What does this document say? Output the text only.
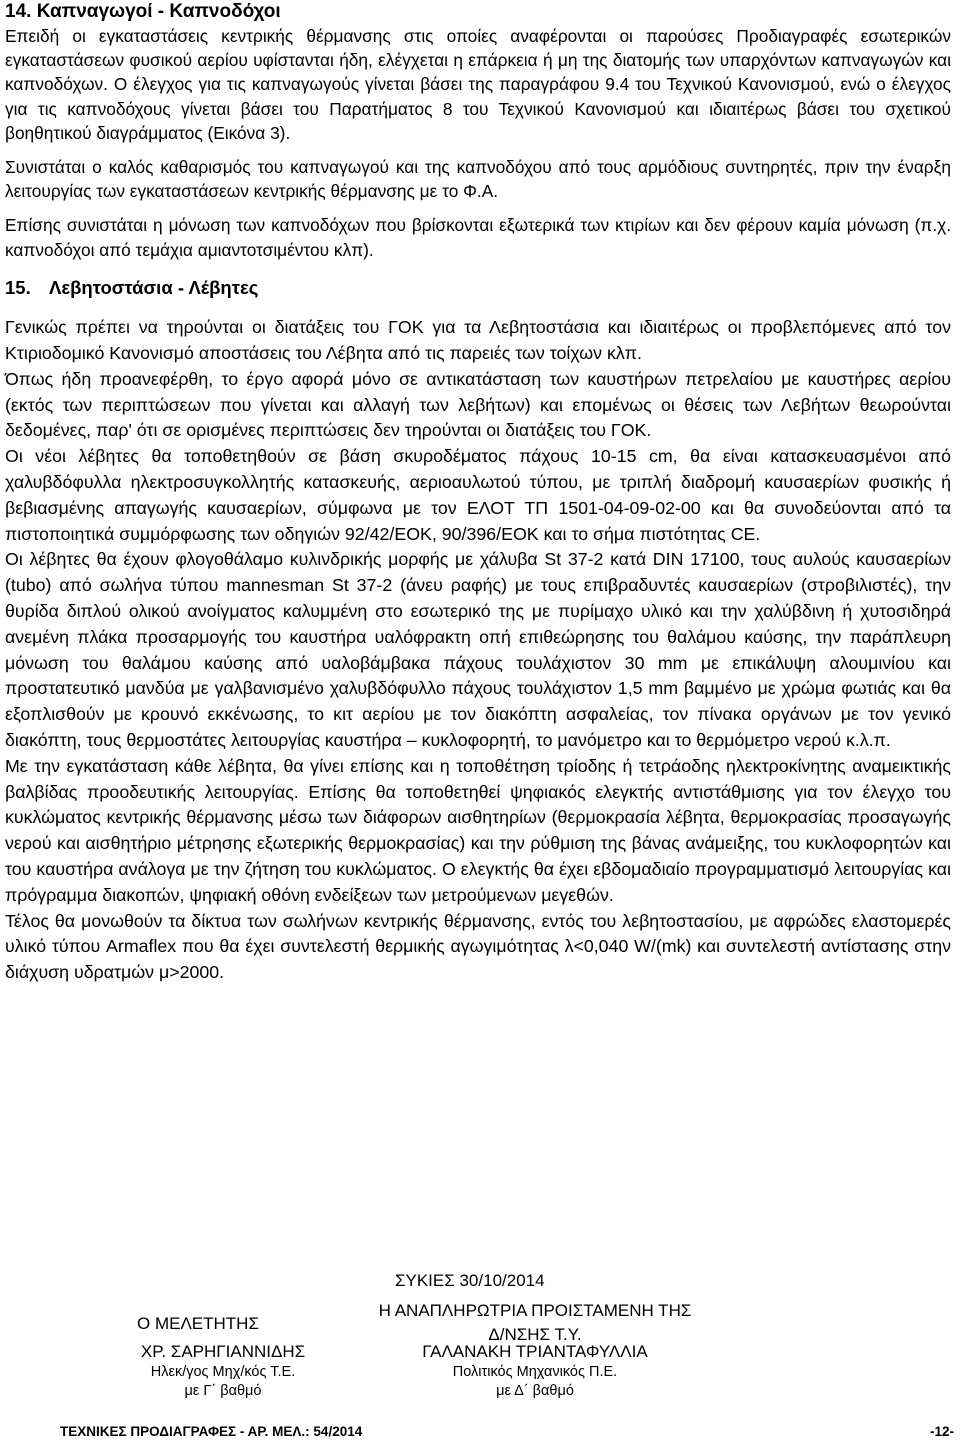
14. Καπναγωγοί - Καπνοδόχοι

Επειδή οι εγκαταστάσεις κεντρικής θέρμανσης στις οποίες αναφέρονται οι παρούσες Προδιαγραφές εσωτερικών εγκαταστάσεων φυσικού αερίου υφίστανται ήδη, ελέγχεται η επάρκεια ή μη της διατομής των υπαρχόντων καπναγωγών και καπνοδόχων. Ο έλεγχος για τις καπναγωγούς γίνεται βάσει της παραγράφου 9.4 του Τεχνικού Κανονισμού, ενώ ο έλεγχος για τις καπνοδόχους γίνεται βάσει του Παρατήματος 8 του Τεχνικού Κανονισμού και ιδιαιτέρως βάσει του σχετικού βοηθητικού διαγράμματος (Εικόνα 3).

Συνιστάται ο καλός καθαρισμός του καπναγωγού και της καπνοδόχου από τους αρμόδιους συντηρητές, πριν την έναρξη λειτουργίας των εγκαταστάσεων κεντρικής θέρμανσης με το Φ.Α.

Επίσης συνιστάται η μόνωση των καπνοδόχων που βρίσκονται εξωτερικά των κτιρίων και δεν φέρουν καμία μόνωση (π.χ. καπνοδόχοι από τεμάχια αμιαντοτσιμέντου κλπ).

15. Λεβητοστάσια - Λέβητες

Γενικώς πρέπει να τηρούνται οι διατάξεις του ΓΟΚ για τα Λεβητοστάσια και ιδιαιτέρως οι προβλεπόμενες από τον Κτιριοδομικό Κανονισμό αποστάσεις του Λέβητα από τις παρειές των τοίχων κλπ.

Όπως ήδη προανεφέρθη, το έργο αφορά μόνο σε αντικατάσταση των καυστήρων πετρελαίου με καυστήρες αερίου (εκτός των περιπτώσεων που γίνεται και αλλαγή των λεβήτων) και επομένως οι θέσεις των Λεβήτων θεωρούνται δεδομένες, παρ' ότι σε ορισμένες περιπτώσεις δεν τηρούνται οι διατάξεις του ΓΟΚ.

Οι νέοι λέβητες θα τοποθετηθούν σε βάση σκυροδέματος πάχους 10-15 cm, θα είναι κατασκευασμένοι από χαλυβδόφυλλα ηλεκτροσυγκολλητής κατασκευής, αεριοαυλωτού τύπου, με τριπλή διαδρομή καυσαερίων φυσικής ή βεβιασμένης απαγωγής καυσαερίων, σύμφωνα με τον ΕΛΟΤ ΤΠ 1501-04-09-02-00 και θα συνοδεύονται από τα πιστοποιητικά συμμόρφωσης των οδηγιών 92/42/ΕΟΚ, 90/396/ΕΟΚ και το σήμα πιστότητας CE.

Οι λέβητες θα έχουν φλογοθάλαμο κυλινδρικής μορφής με χάλυβα St 37-2 κατά DIN 17100, τους αυλούς καυσαερίων (tubo) από σωλήνα τύπου mannesman St 37-2 (άνευ ραφής) με τους επιβραδυντές καυσαερίων (στροβιλιστές), την θυρίδα διπλού ολικού ανοίγματος καλυμμένη στο εσωτερικό της με πυρίμαχο υλικό και την χαλύβδινη ή χυτοσιδηρά ανεμένη πλάκα προσαρμογής του καυστήρα υαλόφρακτη οπή επιθεώρησης του θαλάμου καύσης, την παράπλευρη μόνωση του θαλάμου καύσης από υαλοβάμβακα πάχους τουλάχιστον 30 mm με επικάλυψη αλουμινίου και προστατευτικό μανδύα με γαλβανισμένο χαλυβδόφυλλο πάχους τουλάχιστον 1,5 mm βαμμένο με χρώμα φωτιάς και θα εξοπλισθούν με κρουνό εκκένωσης, το κιτ αερίου με τον διακόπτη ασφαλείας, τον πίνακα οργάνων με τον γενικό διακόπτη, τους θερμοστάτες λειτουργίας καυστήρα – κυκλοφορητή, το μανόμετρο και το θερμόμετρο νερού κ.λ.π.

Με την εγκατάσταση κάθε λέβητα, θα γίνει επίσης και η τοποθέτηση τρίοδης ή τετράοδης ηλεκτροκίνητης αναμεικτικής βαλβίδας προοδευτικής λειτουργίας. Επίσης θα τοποθετηθεί ψηφιακός ελεγκτής αντιστάθμισης για τον έλεγχο του κυκλώματος κεντρικής θέρμανσης μέσω των διάφορων αισθητηρίων (θερμοκρασία λέβητα, θερμοκρασίας προσαγωγής νερού και αισθητήριο μέτρησης εξωτερικής θερμοκρασίας) και την ρύθμιση της βάνας ανάμειξης, του κυκλοφορητών και του καυστήρα ανάλογα με την ζήτηση του κυκλώματος. Ο ελεγκτής θα έχει εβδομαδιαίο προγραμματισμό λειτουργίας και πρόγραμμα διακοπών, ψηφιακή οθόνη ενδείξεων των μετρούμενων μεγεθών.

Τέλος θα μονωθούν τα δίκτυα των σωλήνων κεντρικής θέρμανσης, εντός του λεβητοστασίου, με αφρώδες ελαστομερές υλικό τύπου Armaflex που θα έχει συντελεστή θερμικής αγωγιμότητας λ<0,040 W/(mk) και συντελεστή αντίστασης στην διάχυση υδρατμών μ>2000.

ΣΥΚΙΕΣ 30/10/2014
Ο ΜΕΛΕΤΗΤΗΣ
Η ΑΝΑΠΛΗΡΩΤΡΙΑ ΠΡΟΙΣΤΑΜΕΝΗ ΤΗΣ
Δ/ΝΣΗΣ Τ.Υ.
ΧΡ. ΣΑΡΗΓΙΑΝΝΙΔΗΣ
Ηλεκ/γος Μηχ/κός Τ.Ε.
με Γ΄ βαθμό
ΓΑΛΑΝΑΚΗ ΤΡΙΑΝΤΑΦΥΛΛΙΑ
Πολιτικός Μηχανικός Π.Ε.
με Δ΄ βαθμό
ΤΕΧΝΙΚΕΣ ΠΡΟΔΙΑΓΡΑΦΕΣ - ΑΡ. ΜΕΛ.: 54/2014	-12-
